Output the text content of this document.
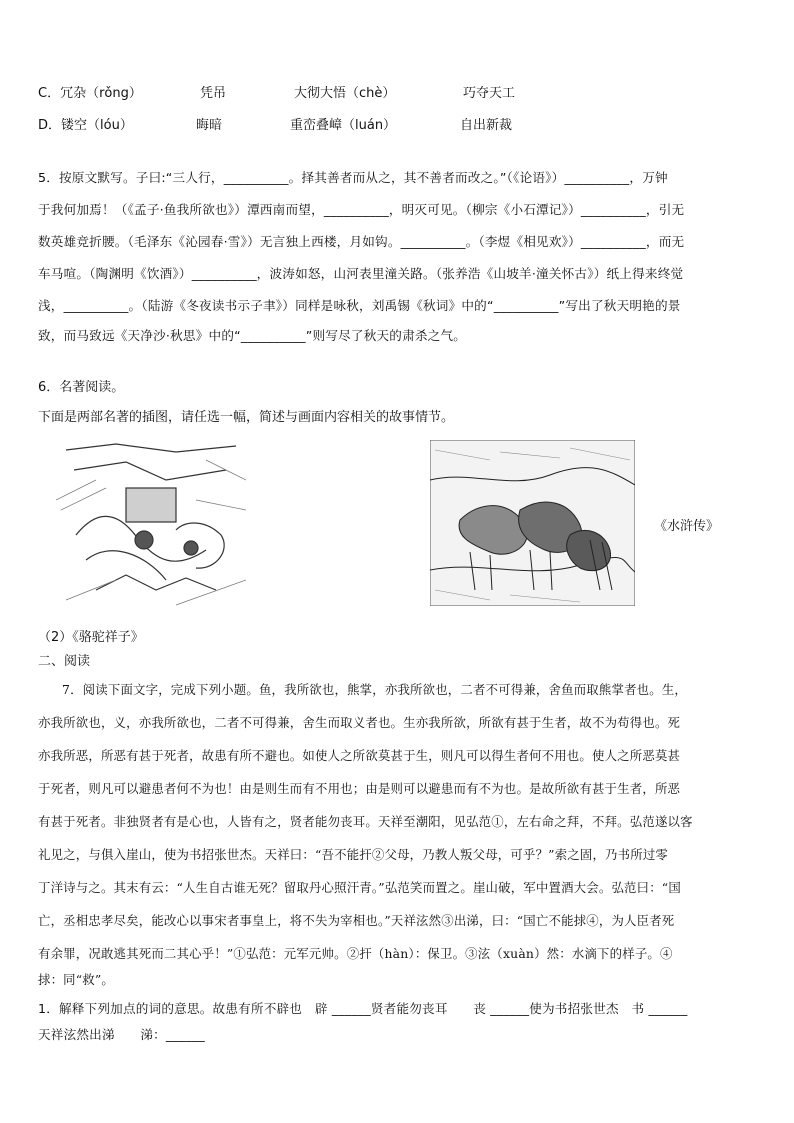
C．冗杂（rǒng）	凭吊	大彻大悟（chè）	巧夺天工
D．镂空（lóu）	晦暗	重峦叠嶂（luán）	自出新裁
5．按原文默写。子曰:“三人行，__________。择其善者而从之，其不善者而改之。”（《论语》）__________，万钟
于我何加焉！（《孟子·鱼我所欲也》）潭西南而望，__________，明灭可见。（柳宗《小石潭记》）__________，引无
数英雄竞折腰。（毛泽东《沁园春·雪》）无言独上西楼，月如钩。__________。（李煜《相见欢》）__________，而无
车马喧。（陶渊明《饮酒》）__________，波涛如怒，山河表里潼关路。（张养浩《山坡羊·潼关怀古》）纸上得来终觉
浅，__________。（陆游《冬夜读书示子聿》）同样是咏秋，刘禹锡《秋词》中的“__________”写出了秋天明艳的景
致，而马致远《天净沙·秋思》中的“__________”则写尽了秋天的肃杀之气。
6．名著阅读。
下面是两部名著的插图，请任选一幅，简述与画面内容相关的故事情节。
《水浒传》
（2）《骆驼祥子》
二、阅读
7．阅读下面文字，完成下列小题。鱼，我所欲也，熊掌，亦我所欲也，二者不可得兼，舍鱼而取熊掌者也。生，
亦我所欲也，义，亦我所欲也，二者不可得兼，舍生而取义者也。生亦我所欲，所欲有甚于生者，故不为苟得也。死
亦我所恶，所恶有甚于死者，故患有所不避也。如使人之所欲莫甚于生，则凡可以得生者何不用也。使人之所恶莫甚
于死者，则凡可以避患者何不为也！由是则生而有不用也；由是则可以避患而有不为也。是故所欲有甚于生者，所恶
有甚于死者。非独贤者有是心也，人皆有之，贤者能勿丧耳。天祥至潮阳，见弘范①，左右命之拜，不拜。弘范遂以客
礼见之，与俱入崖山，使为书招张世杰。天祥曰：“吾不能扞②父母，乃教人叛父母，可乎？”索之固，乃书所过零
丁洋诗与之。其末有云：“人生自古谁无死？留取丹心照汗青。”弘范笑而置之。崖山破，军中置酒大会。弘范曰：“国
亡，丞相忠孝尽矣，能改心以事宋者事皇上，将不失为宰相也。”天祥泫然③出涕，曰：“国亡不能捄④，为人臣者死
有余罪，况敢逃其死而二其心乎！”①弘范：元军元帅。②扞（hàn）：保卫。③泫（xuàn）然：水滴下的样子。④
捄：同“救”。
1．解释下列加点的词的意思。故患有所不辟也　辟 ______贤者能勿丧耳　　丧 ______使为书招张世杰　书 ______
天祥泫然出涕　　涕：______
